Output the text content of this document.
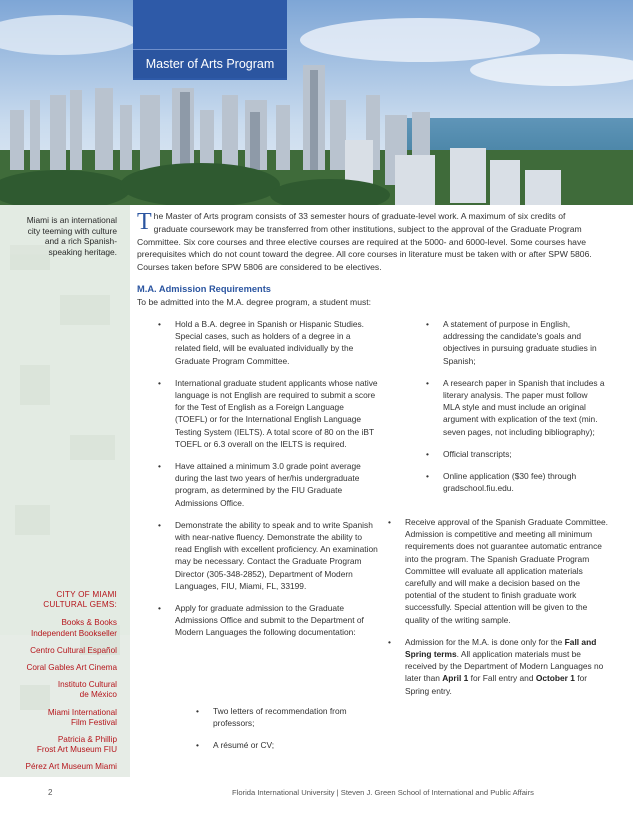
Master of Arts Program
The Master of Arts program consists of 33 semester hours of graduate-level work. A maximum of six credits of graduate coursework may be transferred from other institutions, subject to the approval of the Graduate Program Committee. Six core courses and three elective courses are required at the 5000- and 6000-level. Some courses have prerequisites which do not count toward the degree. All core courses in literature must be taken with or after SPW 5806. Courses taken before SPW 5806 are considered to be electives.
M.A. Admission Requirements
To be admitted into the M.A. degree program, a student must:
• Hold a B.A. degree in Spanish or Hispanic Studies. Special cases, such as holders of a degree in a related field, will be evaluated individually by the Graduate Program Committee.
• International graduate student applicants whose native language is not English are required to submit a score for the Test of English as a Foreign Language (TOEFL) or for the International English Language Testing System (IELTS). A total score of 80 on the iBT TOEFL or 6.3 overall on the IELTS is required.
• Have attained a minimum 3.0 grade point average during the last two years of her/his undergraduate program, as determined by the FIU Graduate Admissions Office.
• Demonstrate the ability to speak and to write Spanish with near-native fluency. Demonstrate the ability to read English with excellent proficiency. An examination may be necessary. Contact the Graduate Program Director (305-348-2852), Department of Modern Languages, FIU, Miami, FL, 33199.
• Apply for graduate admission to the Graduate Admissions Office and submit to the Department of Modern Languages the following documentation:
• Two letters of recommendation from professors;
• A résumé or CV;
• A statement of purpose in English, addressing the candidate's goals and objectives in pursuing graduate studies in Spanish;
• A research paper in Spanish that includes a literary analysis. The paper must follow MLA style and must include an original argument with explication of the text (min. seven pages, not including bibliography);
• Official transcripts;
• Online application ($30 fee) through gradschool.fiu.edu.
• Receive approval of the Spanish Graduate Committee. Admission is competitive and meeting all minimum requirements does not guarantee automatic entrance into the program. The Spanish Graduate Program Committee will evaluate all application materials carefully and will make a decision based on the potential of the student to finish graduate work successfully. Special attention will be given to the quality of the writing sample.
• Admission for the M.A. is done only for the Fall and Spring terms. All application materials must be received by the Department of Modern Languages no later than April 1 for Fall entry and October 1 for Spring entry.
Miami is an international city teeming with culture and a rich Spanish-speaking heritage.
CITY OF MIAMI
CULTURAL GEMS:
Books & Books
Independent Bookseller
Centro Cultural Español
Coral Gables Art Cinema
Instituto Cultural
de México
Miami International
Film Festival
Patricia & Phillip
Frost Art Museum FIU
Pérez Art Museum Miami
2	Florida International University | Steven J. Green School of International and Public Affairs
